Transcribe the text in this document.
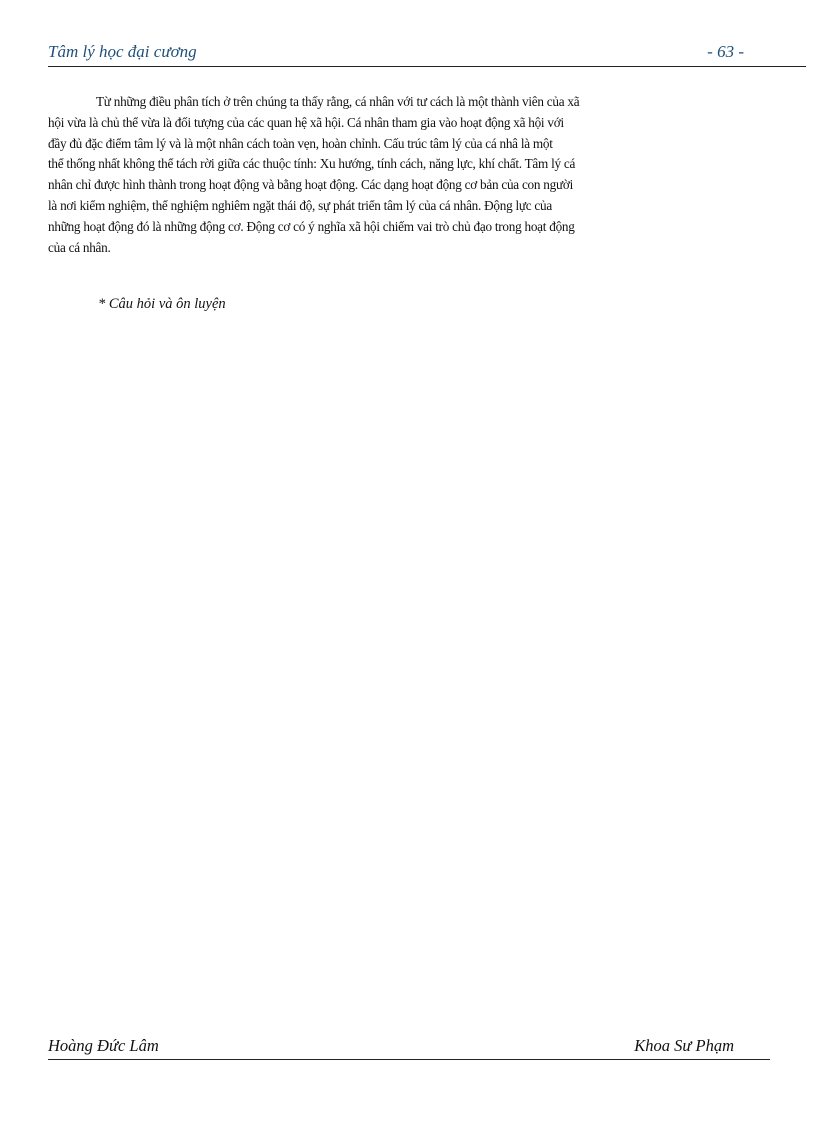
Tâm lý học đại cương	- 63 -
Từ những điều phân tích ở trên chúng ta thấy rằng, cá nhân với tư cách là một thành viên của xã
hội vừa là chủ thể vừa là đối tượng của các quan hệ xã hội. Cá nhân tham gia vào hoạt động xã hội với
đầy đủ đặc điểm tâm lý và là một nhân cách toàn vẹn, hoàn chỉnh. Cấu trúc tâm lý của cá nhâ là một
thể thống nhất không thể tách rời giữa các thuộc tính: Xu hướng, tính cách, năng lực, khí chất. Tâm lý cá
nhân chỉ được hình thành trong hoạt động và bằng hoạt động. Các dạng hoạt động cơ bản của con người
là nơi kiểm nghiệm, thể nghiệm nghiêm ngặt thái độ, sự phát triển tâm lý của cá nhân. Động lực của
những hoạt động đó là những động cơ. Động cơ có ý nghĩa xã hội chiếm vai trò chủ đạo trong hoạt động
của cá nhân.
* Câu hỏi và ôn luyện
Hoàng Đức Lâm	Khoa Sư Phạm
